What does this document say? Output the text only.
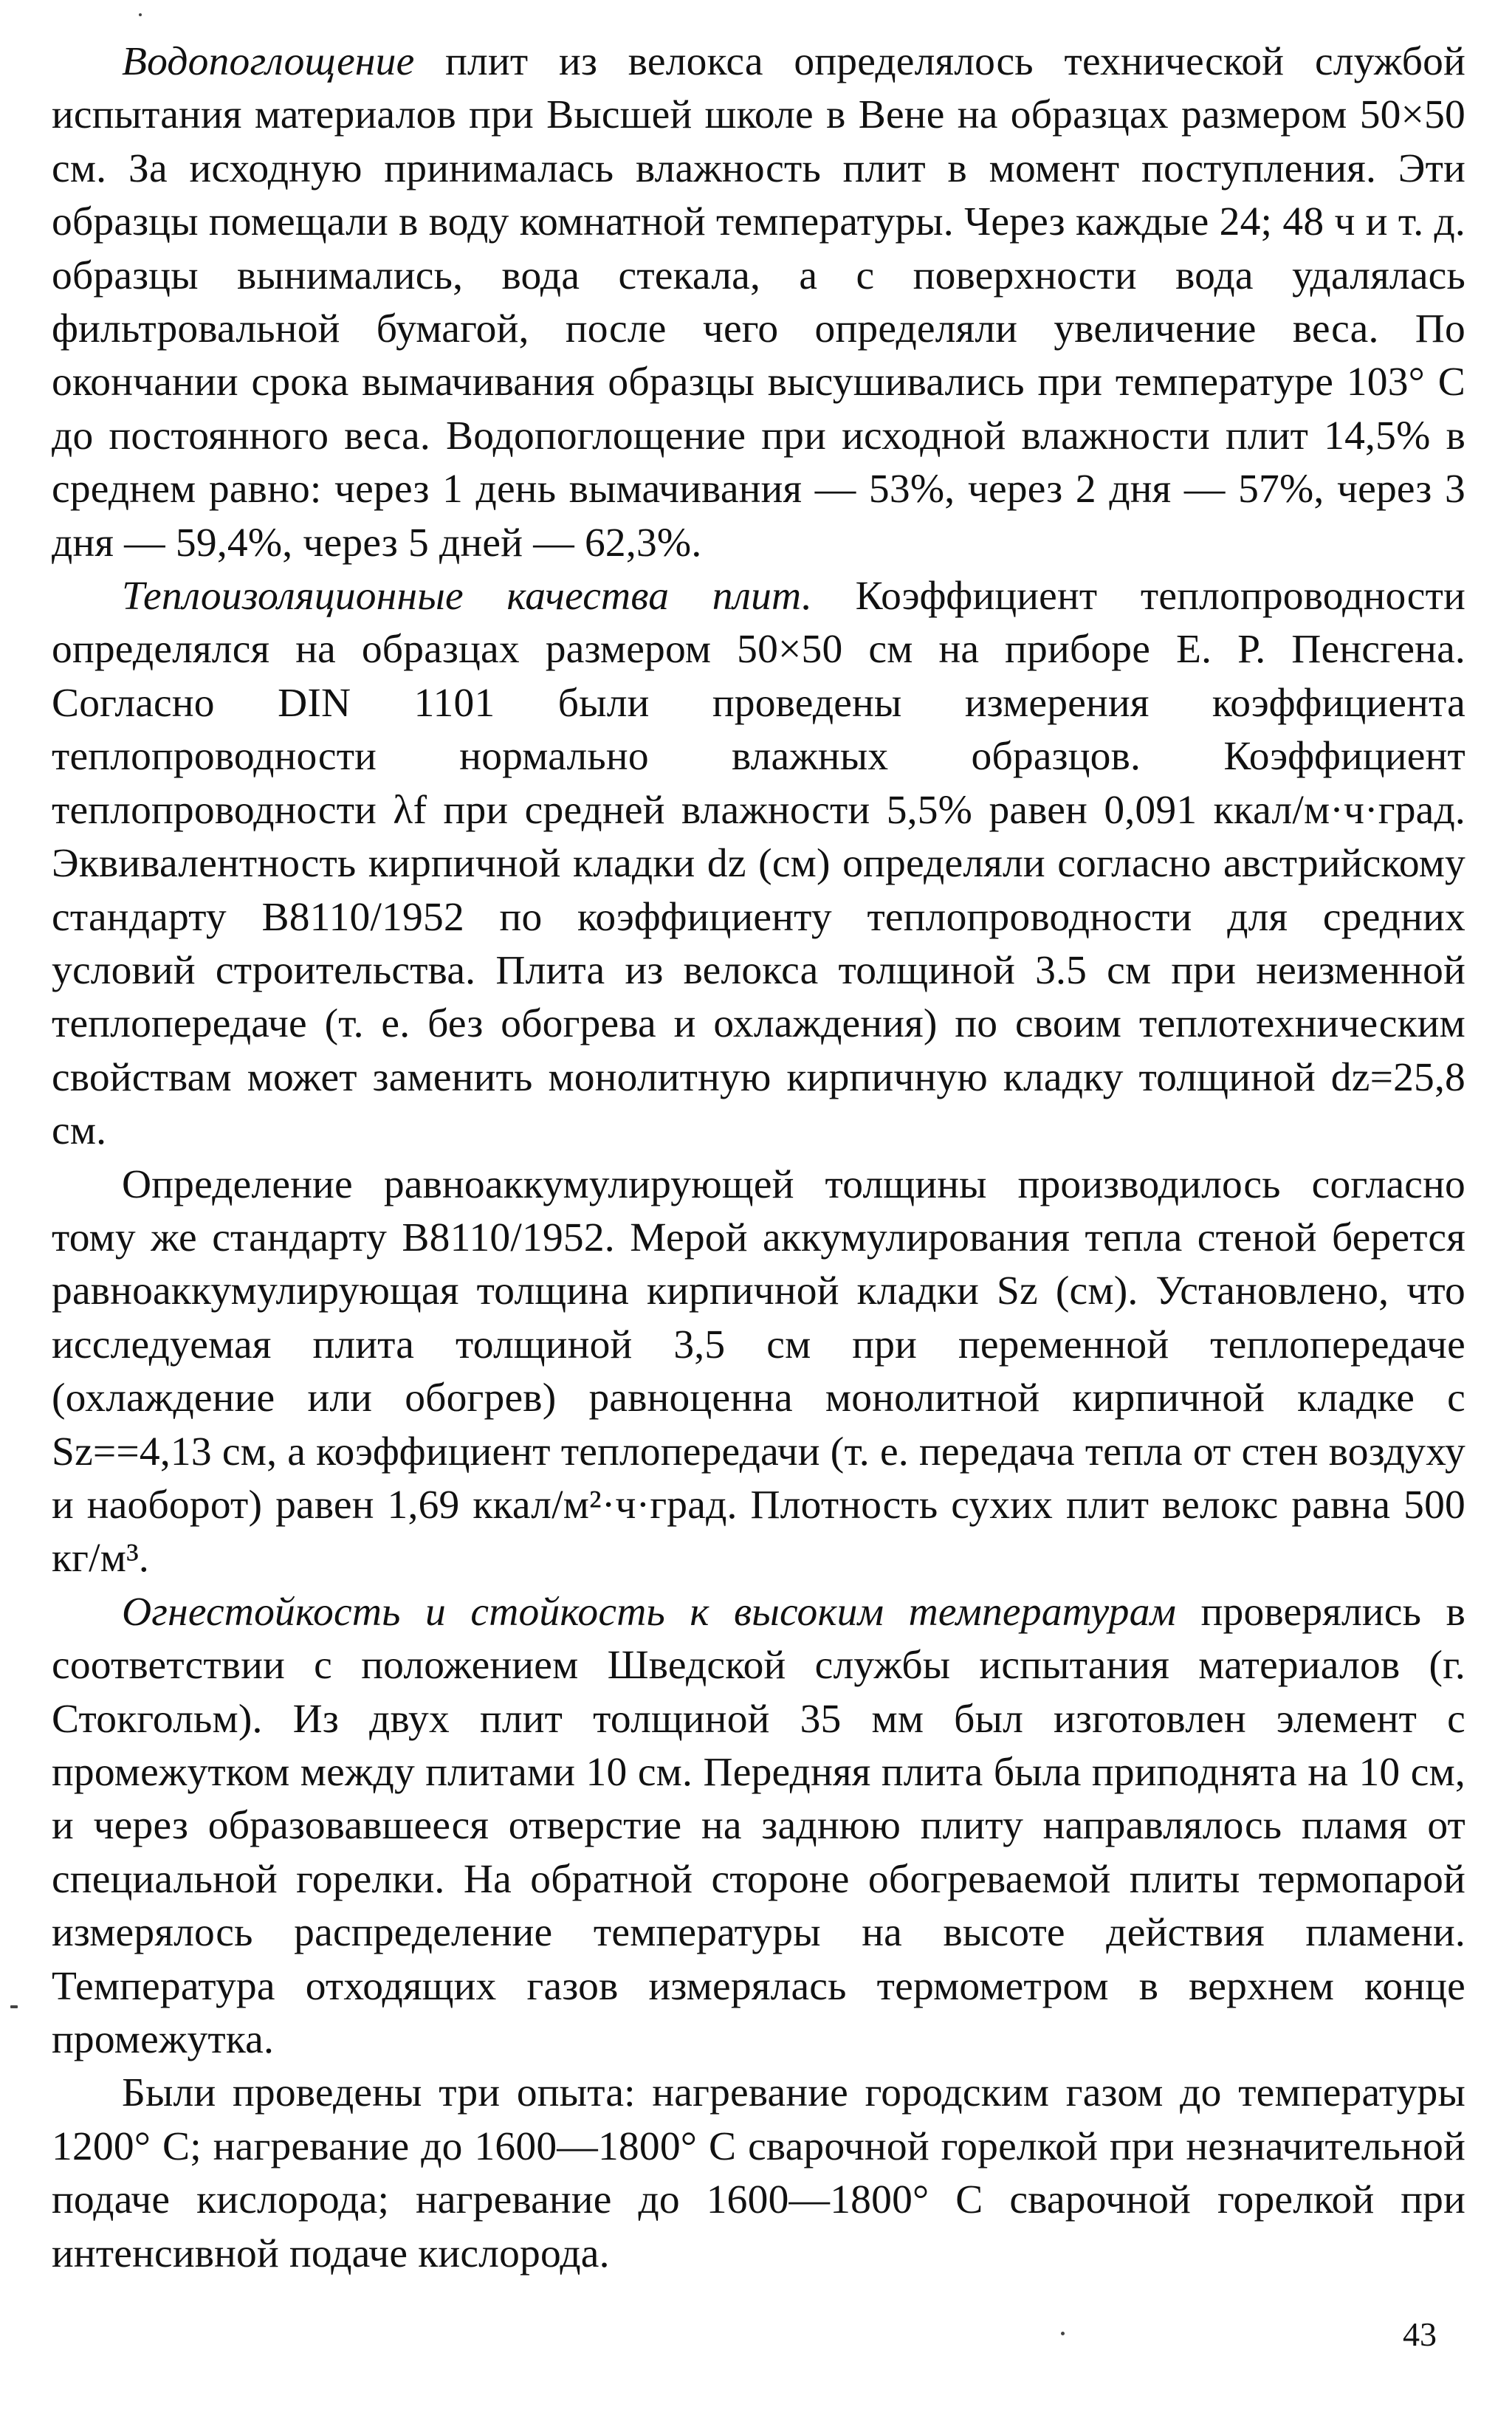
Водопоглощение плит из велокса определялось технической службой испытания материалов при Высшей школе в Вене на образцах размером 50×50 см. За исходную принималась влажность плит в момент поступления. Эти образцы помещали в воду комнатной температуры. Через каждые 24; 48 ч и т. д. образцы вынимались, вода стекала, а с поверхности вода удалялась фильтровальной бумагой, после чего определяли увеличение веса. По окончании срока вымачивания образцы высушивались при температуре 103° С до постоянного веса. Водопоглощение при исходной влажности плит 14,5% в среднем равно: через 1 день вымачивания — 53%, через 2 дня — 57%, через 3 дня — 59,4%, через 5 дней — 62,3%.

Теплоизоляционные качества плит. Коэффициент теплопроводности определялся на образцах размером 50×50 см на приборе Е. Р. Пенсгена. Согласно DIN 1101 были проведены измерения коэффициента теплопроводности нормально влажных образцов. Коэффициент теплопроводности λf при средней влажности 5,5% равен 0,091 ккал/м·ч·град. Эквивалентность кирпичной кладки dz (см) определяли согласно австрийскому стандарту В8110/1952 по коэффициенту теплопроводности для средних условий строительства. Плита из велокса толщиной 3.5 см при неизменной теплопередаче (т. е. без обогрева и охлаждения) по своим теплотехническим свойствам может заменить монолитную кирпичную кладку толщиной dz=25,8 см.

Определение равноаккумулирующей толщины производилось согласно тому же стандарту В8110/1952. Мерой аккумулирования тепла стеной берется равноаккумулирующая толщина кирпичной кладки Sz (см). Установлено, что исследуемая плита толщиной 3,5 см при переменной теплопередаче (охлаждение или обогрев) равноценна монолитной кирпичной кладке с Sz==4,13 см, а коэффициент теплопередачи (т. е. передача тепла от стен воздуху и наоборот) равен 1,69 ккал/м²·ч·град. Плотность сухих плит велокс равна 500 кг/м³.

Огнестойкость и стойкость к высоким температурам проверялись в соответствии с положением Шведской службы испытания материалов (г. Стокгольм). Из двух плит толщиной 35 мм был изготовлен элемент с промежутком между плитами 10 см. Передняя плита была приподнята на 10 см, и через образовавшееся отверстие на заднюю плиту направлялось пламя от специальной горелки. На обратной стороне обогреваемой плиты термопарой измерялось распределение температуры на высоте действия пламени. Температура отходящих газов измерялась термометром в верхнем конце промежутка.

Были проведены три опыта: нагревание городским газом до температуры 1200° С; нагревание до 1600—1800° С сварочной горелкой при незначительной подаче кислорода; нагревание до 1600—1800° С сварочной горелкой при интенсивной подаче кислорода.

43
